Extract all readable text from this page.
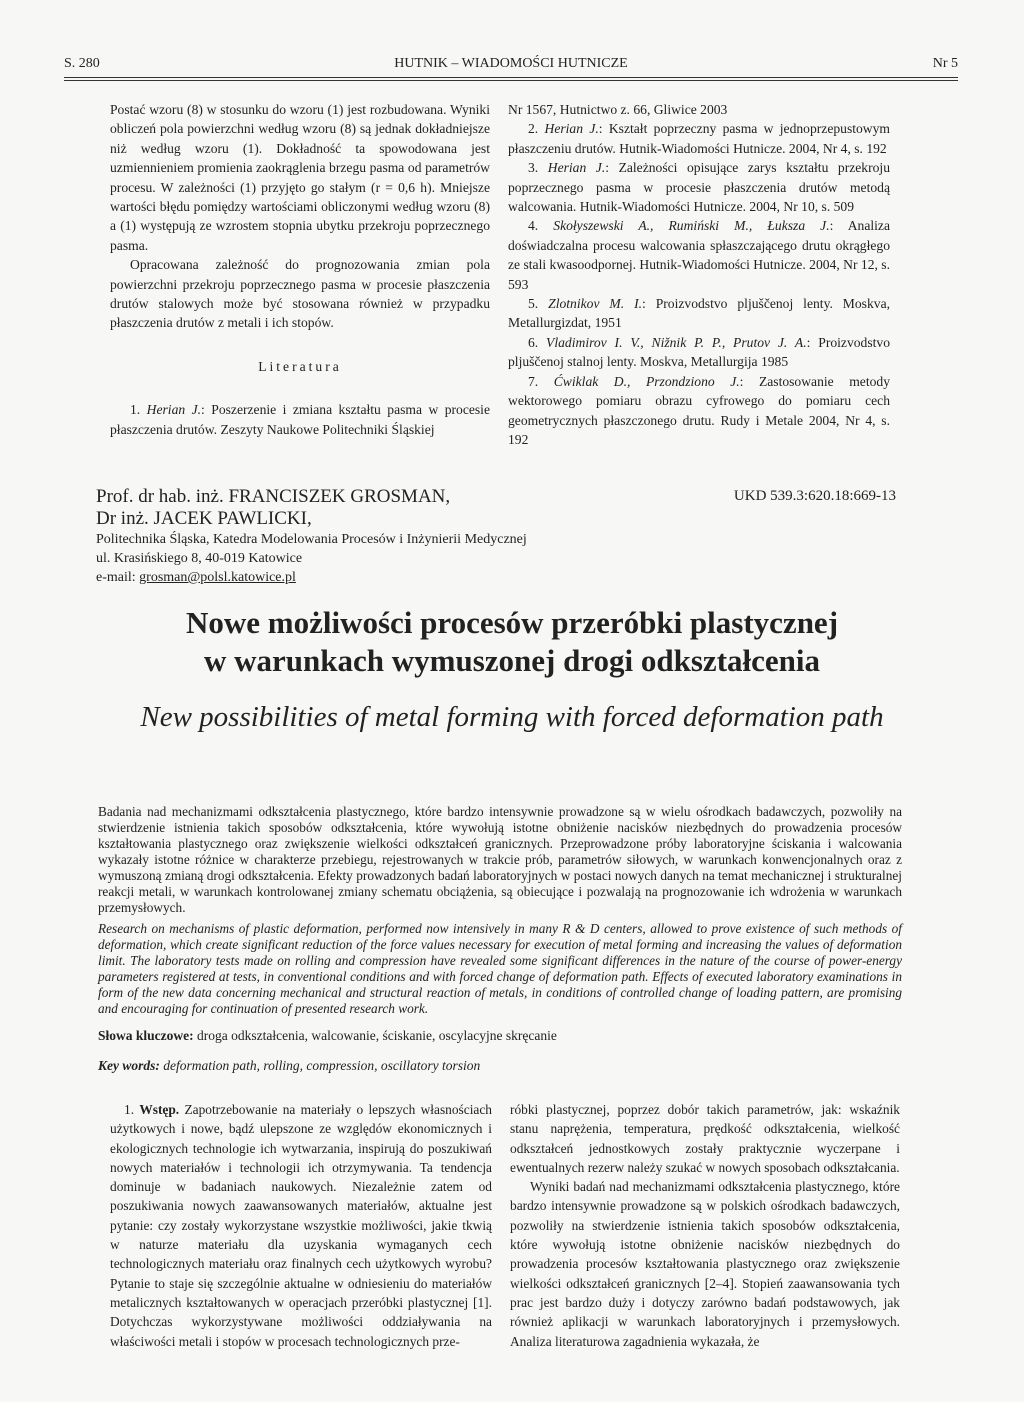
S. 280	HUTNIK – WIADOMOŚCI HUTNICZE	Nr 5

Postać wzoru (8) w stosunku do wzoru (1) jest rozbudowana. Wyniki obliczeń pola powierzchni według wzoru (8) są jednak dokładniejsze niż według wzoru (1). Dokładność ta spowodowana jest uzmiennieniem promienia zaokrąglenia brzegu pasma od parametrów procesu. W zależności (1) przyjęto go stałym (r = 0,6 h). Mniejsze wartości błędu pomiędzy wartościami obliczonymi według wzoru (8) a (1) występują ze wzrostem stopnia ubytku przekroju poprzecznego pasma.

Opracowana zależność do prognozowania zmian pola powierzchni przekroju poprzecznego pasma w procesie płaszczenia drutów stalowych może być stosowana również w przypadku płaszczenia drutów z metali i ich stopów.

Literatura

1. Herian J.: Poszerzenie i zmiana kształtu pasma w procesie płaszczenia drutów. Zeszyty Naukowe Politechniki Śląskiej

Nr 1567, Hutnictwo z. 66, Gliwice 2003

2. Herian J.: Kształt poprzeczny pasma w jednoprzepustowym płaszczeniu drutów. Hutnik-Wiadomości Hutnicze. 2004, Nr 4, s. 192

3. Herian J.: Zależności opisujące zarys kształtu przekroju poprzecznego pasma w procesie płaszczenia drutów metodą walcowania. Hutnik-Wiadomości Hutnicze. 2004, Nr 10, s. 509

4. Skołyszewski A., Rumiński M., Łuksza J.: Analiza doświadczalna procesu walcowania spłaszczającego drutu okrągłego ze stali kwasoodpornej. Hutnik-Wiadomości Hutnicze. 2004, Nr 12, s. 593

5. Zlotnikov M. I.: Proizvodstvo pljuščenoj lenty. Moskva, Metallurgizdat, 1951

6. Vladimirov I. V., Nižnik P. P., Prutov J. A.: Proizvodstvo pljuščenoj stalnoj lenty. Moskva, Metallurgija 1985

7. Ćwiklak D., Przondziono J.: Zastosowanie metody wektorowego pomiaru obrazu cyfrowego do pomiaru cech geometrycznych płaszczonego drutu. Rudy i Metale 2004, Nr 4, s. 192

Prof. dr hab. inż. FRANCISZEK GROSMAN,
Dr inż. JACEK PAWLICKI,
Politechnika Śląska, Katedra Modelowania Procesów i Inżynierii Medycznej
ul. Krasińskiego 8, 40-019 Katowice
e-mail: grosman@polsl.katowice.pl
UKD 539.3:620.18:669-13
Nowe możliwości procesów przeróbki plastycznej
w warunkach wymuszonej drogi odkształcenia
New possibilities of metal forming with forced deformation path
Badania nad mechanizmami odkształcenia plastycznego, które bardzo intensywnie prowadzone są w wielu ośrodkach badawczych, pozwoliły na stwierdzenie istnienia takich sposobów odkształcenia, które wywołują istotne obniżenie nacisków niezbędnych do prowadzenia procesów kształtowania plastycznego oraz zwiększenie wielkości odkształceń granicznych. Przeprowadzone próby laboratoryjne ściskania i walcowania wykazały istotne różnice w charakterze przebiegu, rejestrowanych w trakcie prób, parametrów siłowych, w warunkach konwencjonalnych oraz z wymuszoną zmianą drogi odkształcenia. Efekty prowadzonych badań laboratoryjnych w postaci nowych danych na temat mechanicznej i strukturalnej reakcji metali, w warunkach kontrolowanej zmiany schematu obciążenia, są obiecujące i pozwalają na prognozowanie ich wdrożenia w warunkach przemysłowych.
Research on mechanisms of plastic deformation, performed now intensively in many R & D centers, allowed to prove existence of such methods of deformation, which create significant reduction of the force values necessary for execution of metal forming and increasing the values of deformation limit. The laboratory tests made on rolling and compression have revealed some significant differences in the nature of the course of power-energy parameters registered at tests, in conventional conditions and with forced change of deformation path. Effects of executed laboratory examinations in form of the new data concerning mechanical and structural reaction of metals, in conditions of controlled change of loading pattern, are promising and encouraging for continuation of presented research work.
Słowa kluczowe: droga odkształcenia, walcowanie, ściskanie, oscylacyjne skręcanie
Key words: deformation path, rolling, compression, oscillatory torsion

1. Wstęp. Zapotrzebowanie na materiały o lepszych własnościach użytkowych i nowe, bądź ulepszone ze względów ekonomicznych i ekologicznych technologie ich wytwarzania, inspirują do poszukiwań nowych materiałów i technologii ich otrzymywania. Ta tendencja dominuje w badaniach naukowych. Niezależnie zatem od poszukiwania nowych zaawansowanych materiałów, aktualne jest pytanie: czy zostały wykorzystane wszystkie możliwości, jakie tkwią w naturze materiału dla uzyskania wymaganych cech technologicznych materiału oraz finalnych cech użytkowych wyrobu? Pytanie to staje się szczególnie aktualne w odniesieniu do materiałów metalicznych kształtowanych w operacjach przeróbki plastycznej [1]. Dotychczas wykorzystywane możliwości oddziaływania na właściwości metali i stopów w procesach technologicznych prze-

róbki plastycznej, poprzez dobór takich parametrów, jak: wskaźnik stanu naprężenia, temperatura, prędkość odkształcenia, wielkość odkształceń jednostkowych zostały praktycznie wyczerpane i ewentualnych rezerw należy szukać w nowych sposobach odkształcania.

Wyniki badań nad mechanizmami odkształcenia plastycznego, które bardzo intensywnie prowadzone są w polskich ośrodkach badawczych, pozwoliły na stwierdzenie istnienia takich sposobów odkształcenia, które wywołują istotne obniżenie nacisków niezbędnych do prowadzenia procesów kształtowania plastycznego oraz zwiększenie wielkości odkształceń granicznych [2–4]. Stopień zaawansowania tych prac jest bardzo duży i dotyczy zarówno badań podstawowych, jak również aplikacji w warunkach laboratoryjnych i przemysłowych. Analiza literaturowa zagadnienia wykazała, że
